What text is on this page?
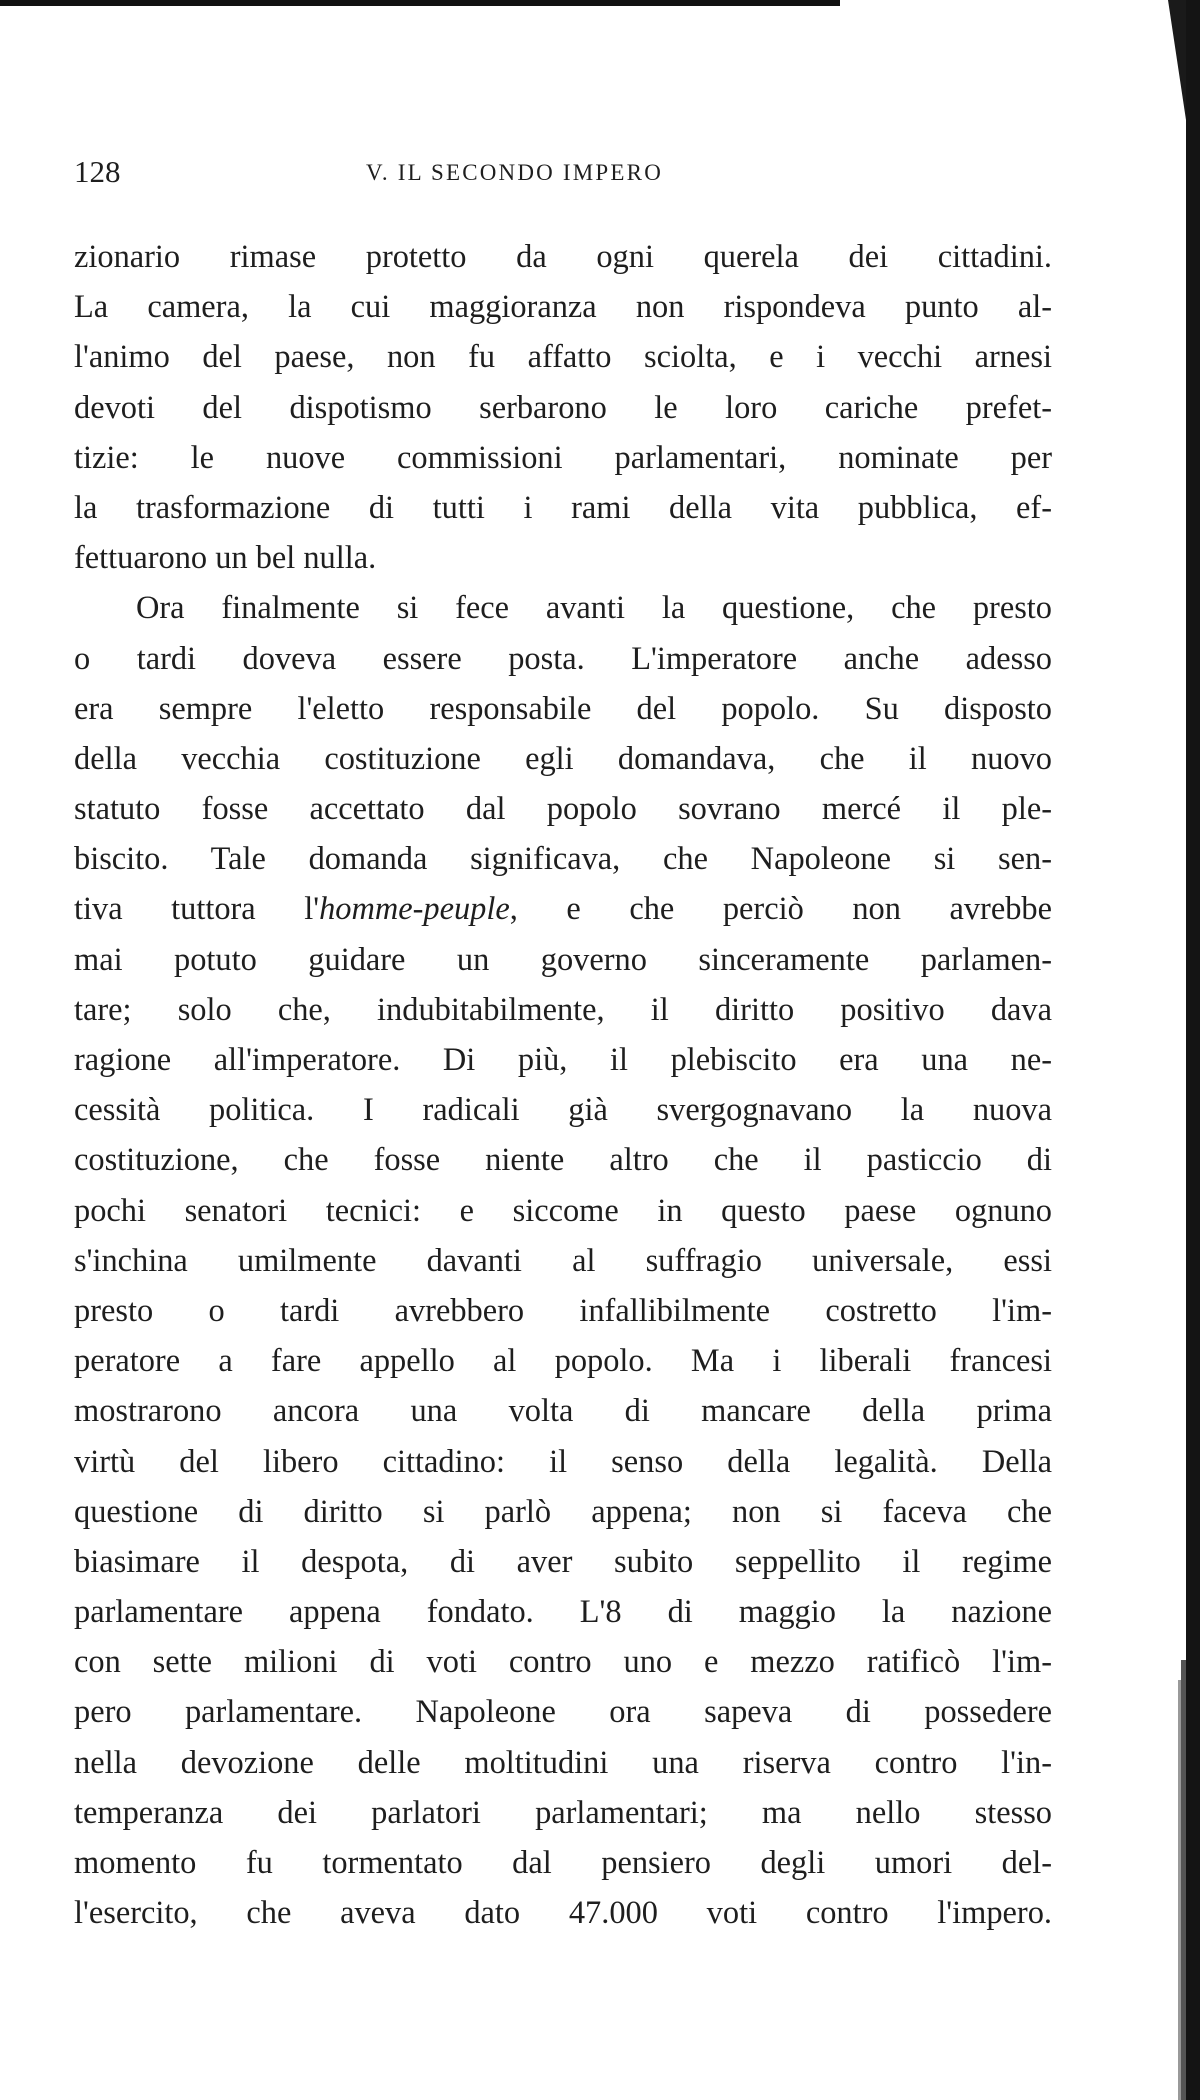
128	V. IL SECONDO IMPERO
zionario rimase protetto da ogni querela dei cittadini.
La camera, la cui maggioranza non rispondeva punto al-
l'animo del paese, non fu affatto sciolta, e i vecchi arnesi
devoti del dispotismo serbarono le loro cariche prefet-
tizie: le nuove commissioni parlamentari, nominate per
la trasformazione di tutti i rami della vita pubblica, ef-
fettuarono un bel nulla.
Ora finalmente si fece avanti la questione, che presto
o tardi doveva essere posta. L'imperatore anche adesso
era sempre l'eletto responsabile del popolo. Su disposto
della vecchia costituzione egli domandava, che il nuovo
statuto fosse accettato dal popolo sovrano mercé il ple-
biscito. Tale domanda significava, che Napoleone si sen-
tiva tuttora l'homme-peuple, e che perciò non avrebbe
mai potuto guidare un governo sinceramente parlamen-
tare; solo che, indubitabilmente, il diritto positivo dava
ragione all'imperatore. Di più, il plebiscito era una ne-
cessità politica. I radicali già svergognavano la nuova
costituzione, che fosse niente altro che il pasticcio di
pochi senatori tecnici: e siccome in questo paese ognuno
s'inchina umilmente davanti al suffragio universale, essi
presto o tardi avrebbero infallibilmente costretto l'im-
peratore a fare appello al popolo. Ma i liberali francesi
mostrarono ancora una volta di mancare della prima
virtù del libero cittadino: il senso della legalità. Della
questione di diritto si parlò appena; non si faceva che
biasimare il despota, di aver subito seppellito il regime
parlamentare appena fondato. L'8 di maggio la nazione
con sette milioni di voti contro uno e mezzo ratificò l'im-
pero parlamentare. Napoleone ora sapeva di possedere
nella devozione delle moltitudini una riserva contro l'in-
temperanza dei parlatori parlamentari; ma nello stesso
momento fu tormentato dal pensiero degli umori del-
l'esercito, che aveva dato 47.000 voti contro l'impero.
